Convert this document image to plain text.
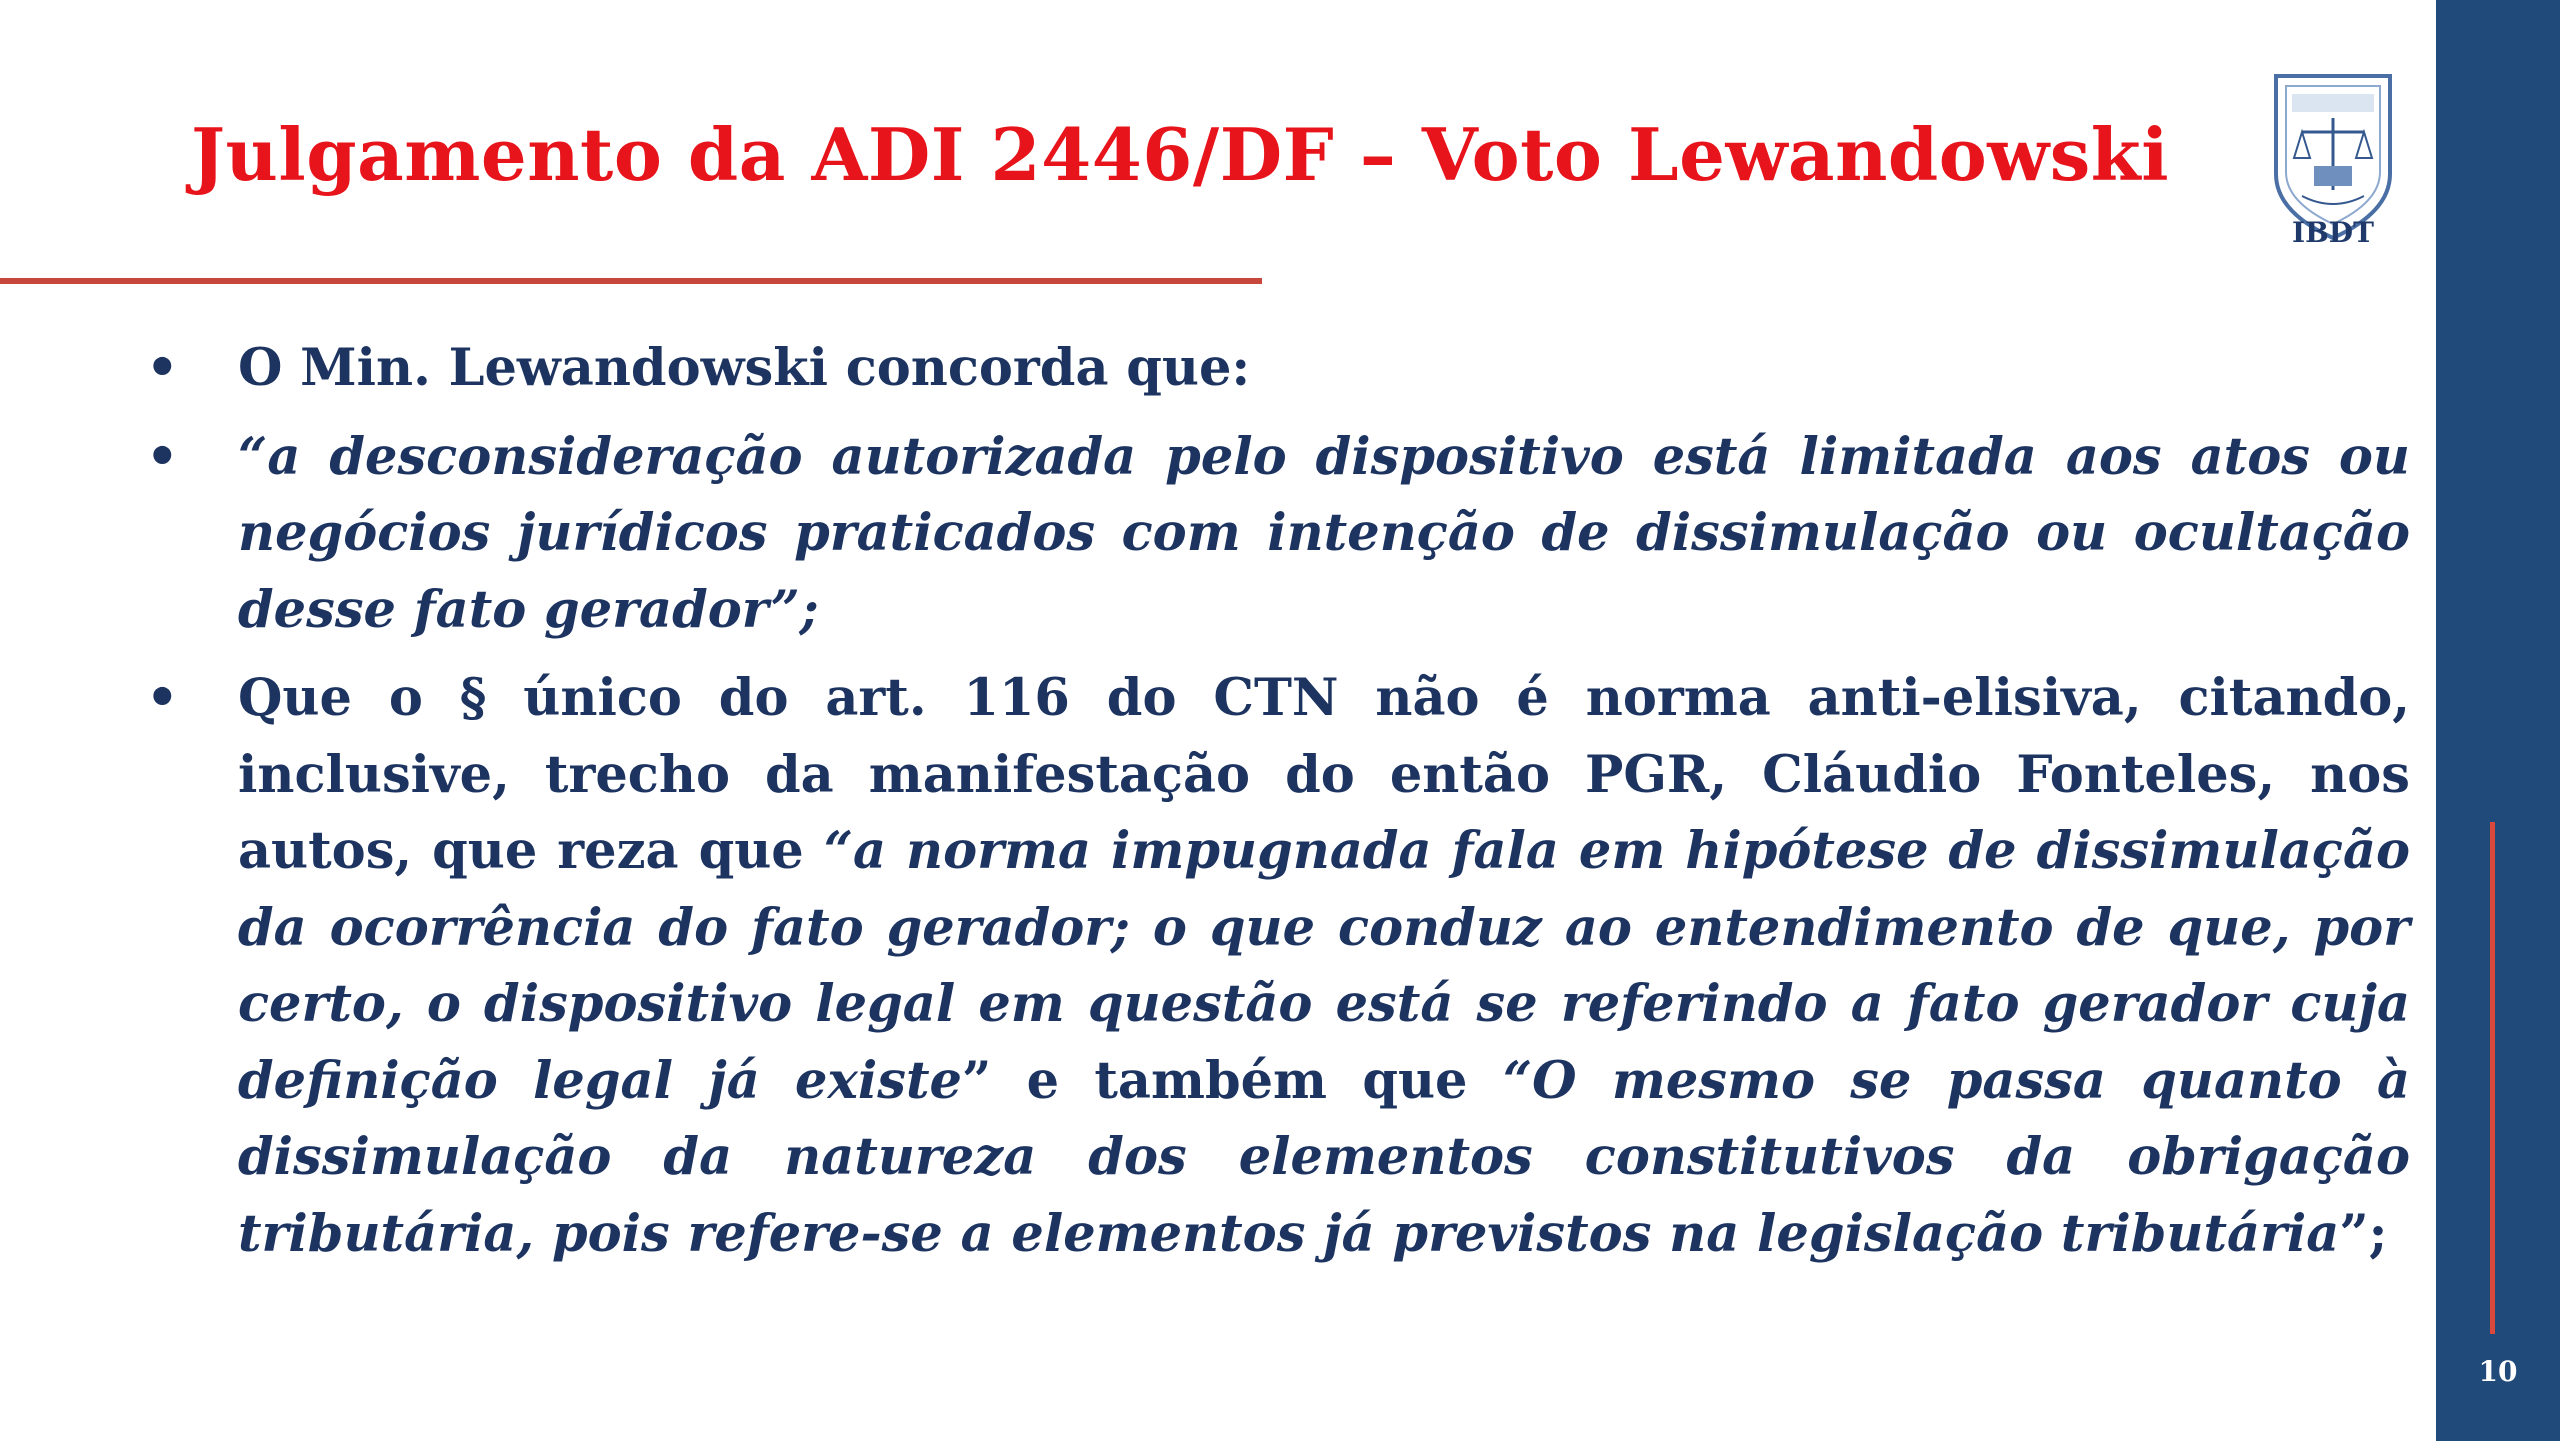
Julgamento da ADI 2446/DF – Voto Lewandowski
IBDT
• O Min. Lewandowski concorda que:
• “a desconsideração autorizada pelo dispositivo está limitada aos atos ou negócios jurídicos praticados com intenção de dissimulação ou ocultação desse fato gerador”;
• Que o § único do art. 116 do CTN não é norma anti-elisiva, citando, inclusive, trecho da manifestação do então PGR, Cláudio Fonteles, nos autos, que reza que “a norma impugnada fala em hipótese de dissimulação da ocorrência do fato gerador; o que conduz ao entendimento de que, por certo, o dispositivo legal em questão está se referindo a fato gerador cuja definição legal já existe” e também que “O mesmo se passa quanto à dissimulação da natureza dos elementos constitutivos da obrigação tributária, pois refere-se a elementos já previstos na legislação tributária”;
10
